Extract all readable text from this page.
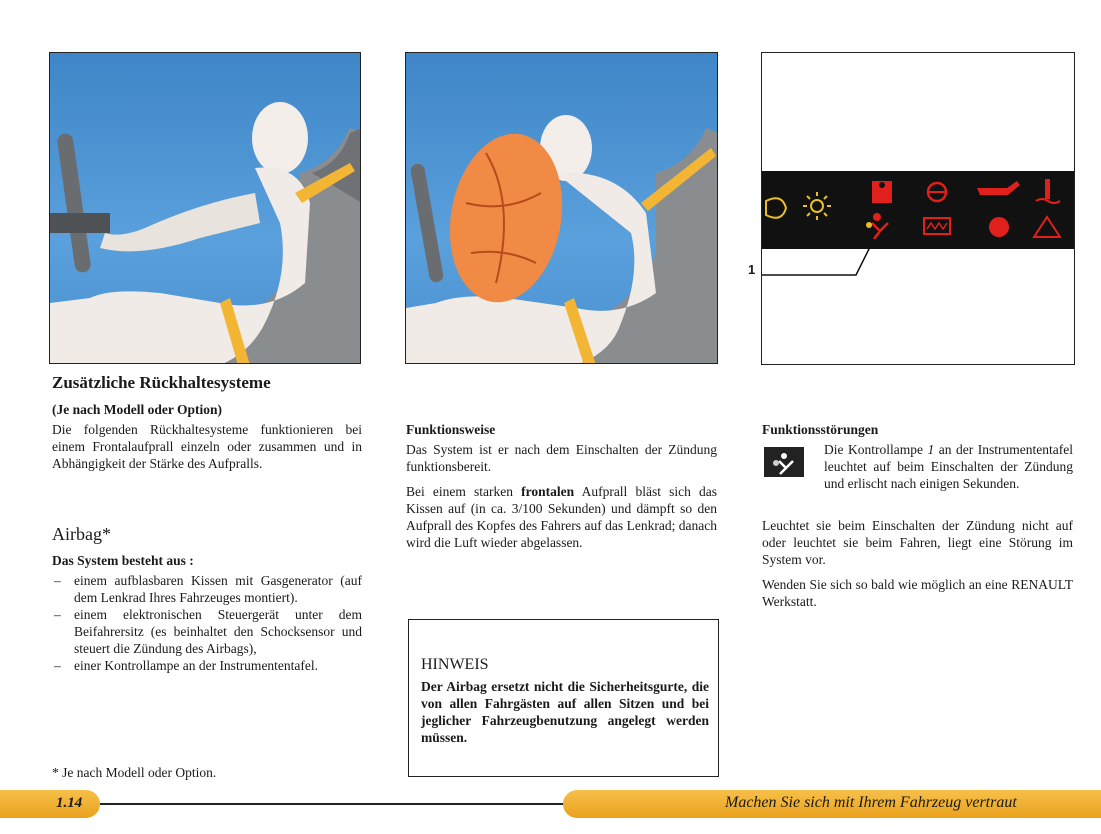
1
Zusätzliche Rückhaltesysteme
(Je nach Modell oder Option)
Die folgenden Rückhaltesysteme funktionieren bei einem Frontalaufprall einzeln oder zusammen und in Abhängigkeit der Stärke des Aufpralls.
Airbag*
Das System besteht aus :
– einem aufblasbaren Kissen mit Gasgenerator (auf dem Lenkrad Ihres Fahrzeuges montiert).
– einem elektronischen Steuergerät unter dem Beifahrersitz (es beinhaltet den Schocksensor und steuert die Zündung des Airbags),
– einer Kontrollampe an der Instrumententafel.
* Je nach Modell oder Option.
Funktionsweise

Das System ist er nach dem Einschalten der Zündung funktionsbereit.

Bei einem starken frontalen Aufprall bläst sich das Kissen auf (in ca. 3/100 Sekunden) und dämpft so den Aufprall des Kopfes des Fahrers auf das Lenkrad; danach wird die Luft wieder abgelassen.

HINWEIS
Der Airbag ersetzt nicht die Sicherheitsgurte, die von allen Fahrgästen auf allen Sitzen und bei jeglicher Fahrzeugbenutzung angelegt werden müssen.
Funktionsstörungen
Die Kontrollampe 1 an der Instrumententafel leuchtet auf beim Einschalten der Zündung und erlischt nach einigen Sekunden.

Leuchtet sie beim Einschalten der Zündung nicht auf oder leuchtet sie beim Fahren, liegt eine Störung im System vor.

Wenden Sie sich so bald wie möglich an eine RENAULT Werkstatt.

1.14	Machen Sie sich mit Ihrem Fahrzeug vertraut
